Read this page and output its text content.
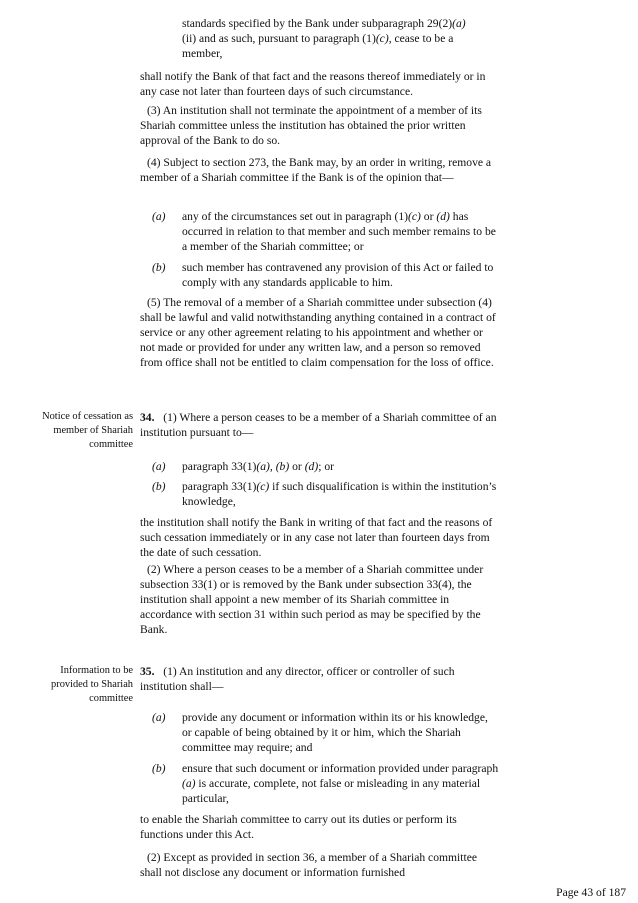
standards specified by the Bank under subparagraph 29(2)(a)
(ii) and as such, pursuant to paragraph (1)(c), cease to be a
member,

shall notify the Bank of that fact and the reasons thereof immediately or in any case not later than fourteen days of such circumstance.

(3) An institution shall not terminate the appointment of a member of its Shariah committee unless the institution has obtained the prior written approval of the Bank to do so.

(4) Subject to section 273, the Bank may, by an order in writing, remove a member of a Shariah committee if the Bank is of the opinion that—

(a) any of the circumstances set out in paragraph (1)(c) or (d) has occurred in relation to that member and such member remains to be a member of the Shariah committee; or
(b) such member has contravened any provision of this Act or failed to comply with any standards applicable to him.

(5) The removal of a member of a Shariah committee under subsection (4) shall be lawful and valid notwithstanding anything contained in a contract of service or any other agreement relating to his appointment and whether or not made or provided for under any written law, and a person so removed from office shall not be entitled to claim compensation for the loss of office.

Notice of cessation as member of Shariah committee

34. (1) Where a person ceases to be a member of a Shariah committee of an institution pursuant to—

(a) paragraph 33(1)(a), (b) or (d); or
(b) paragraph 33(1)(c) if such disqualification is within the institution’s knowledge,

the institution shall notify the Bank in writing of that fact and the reasons of such cessation immediately or in any case not later than fourteen days from the date of such cessation.

(2) Where a person ceases to be a member of a Shariah committee under subsection 33(1) or is removed by the Bank under subsection 33(4), the institution shall appoint a new member of its Shariah committee in accordance with section 31 within such period as may be specified by the Bank.

Information to be provided to Shariah committee

35. (1) An institution and any director, officer or controller of such institution shall—

(a) provide any document or information within its or his knowledge, or capable of being obtained by it or him, which the Shariah committee may require; and
(b) ensure that such document or information provided under paragraph (a) is accurate, complete, not false or misleading in any material particular,

to enable the Shariah committee to carry out its duties or perform its functions under this Act.

(2) Except as provided in section 36, a member of a Shariah committee shall not disclose any document or information furnished

Page 43 of 187
